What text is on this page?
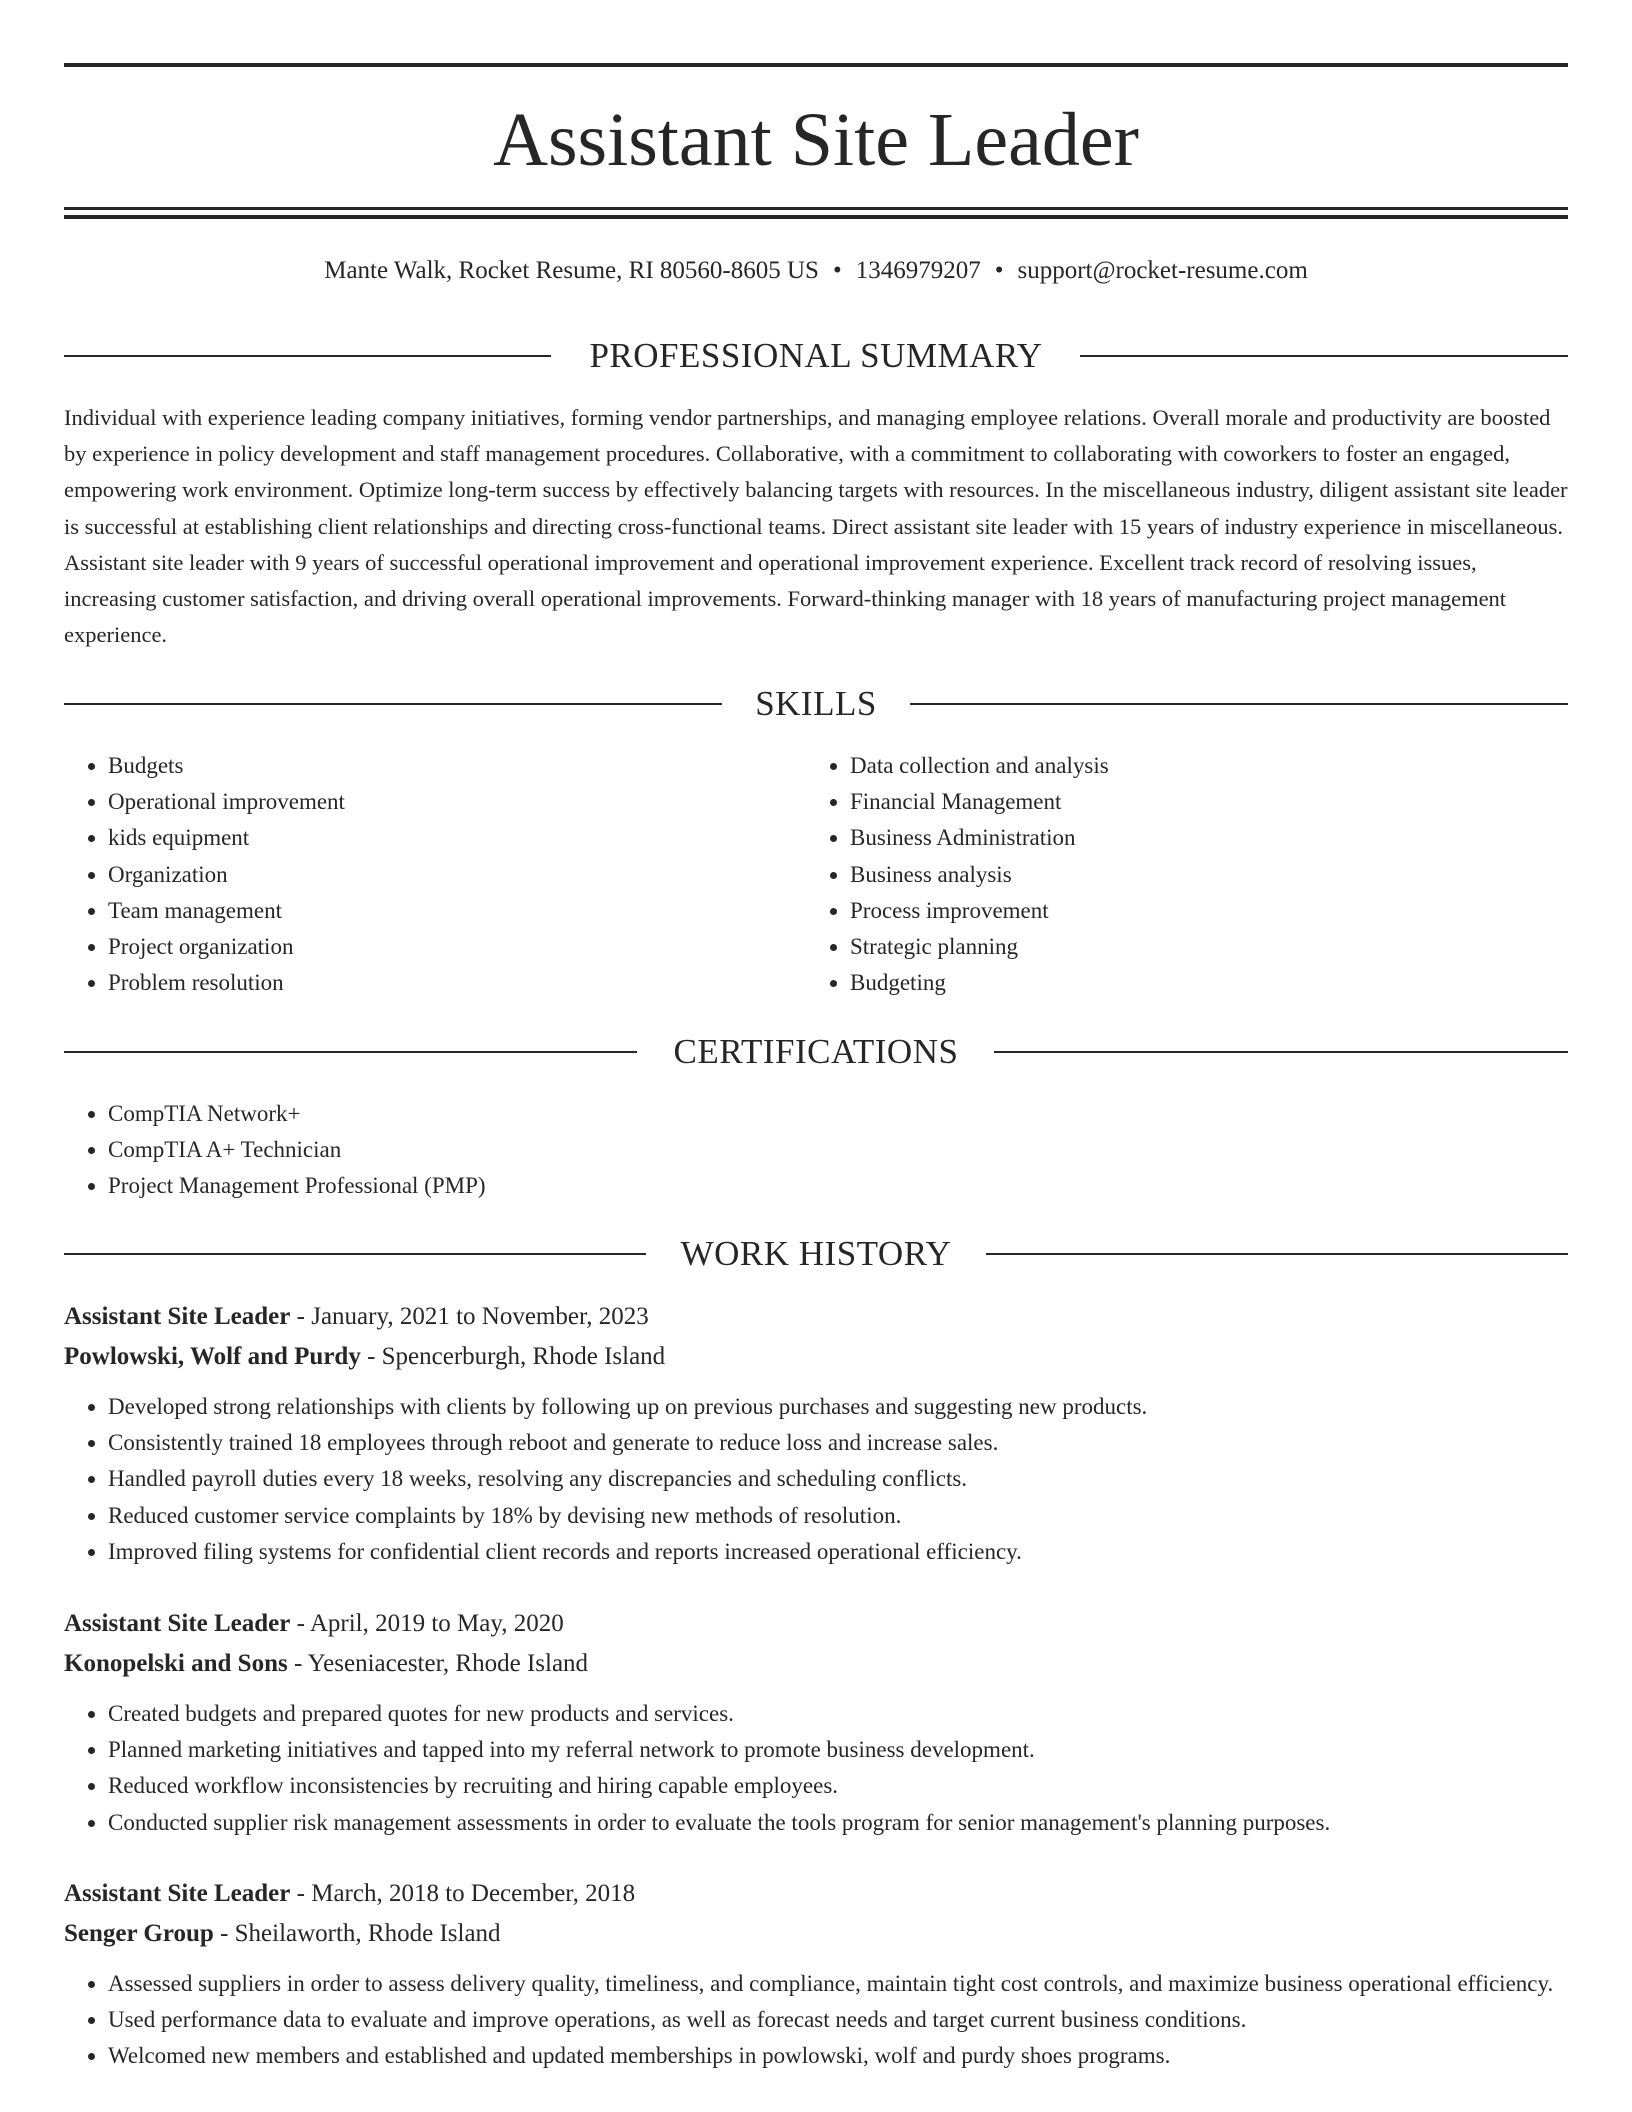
Assistant Site Leader
Mante Walk, Rocket Resume, RI 80560-8605 US • 1346979207 • support@rocket-resume.com
PROFESSIONAL SUMMARY

Individual with experience leading company initiatives, forming vendor partnerships, and managing employee relations. Overall morale and productivity are boosted by experience in policy development and staff management procedures. Collaborative, with a commitment to collaborating with coworkers to foster an engaged, empowering work environment. Optimize long-term success by effectively balancing targets with resources. In the miscellaneous industry, diligent assistant site leader is successful at establishing client relationships and directing cross-functional teams. Direct assistant site leader with 15 years of industry experience in miscellaneous. Assistant site leader with 9 years of successful operational improvement and operational improvement experience. Excellent track record of resolving issues, increasing customer satisfaction, and driving overall operational improvements. Forward-thinking manager with 18 years of manufacturing project management experience.

SKILLS
• Budgets
• Operational improvement
• kids equipment
• Organization
• Team management
• Project organization
• Problem resolution
• Data collection and analysis
• Financial Management
• Business Administration
• Business analysis
• Process improvement
• Strategic planning
• Budgeting
CERTIFICATIONS
• CompTIA Network+
• CompTIA A+ Technician
• Project Management Professional (PMP)
WORK HISTORY
Assistant Site Leader - January, 2021 to November, 2023
Powlowski, Wolf and Purdy - Spencerburgh, Rhode Island
• Developed strong relationships with clients by following up on previous purchases and suggesting new products.
• Consistently trained 18 employees through reboot and generate to reduce loss and increase sales.
• Handled payroll duties every 18 weeks, resolving any discrepancies and scheduling conflicts.
• Reduced customer service complaints by 18% by devising new methods of resolution.
• Improved filing systems for confidential client records and reports increased operational efficiency.
Assistant Site Leader - April, 2019 to May, 2020
Konopelski and Sons - Yeseniacester, Rhode Island
• Created budgets and prepared quotes for new products and services.
• Planned marketing initiatives and tapped into my referral network to promote business development.
• Reduced workflow inconsistencies by recruiting and hiring capable employees.
• Conducted supplier risk management assessments in order to evaluate the tools program for senior management's planning purposes.
Assistant Site Leader - March, 2018 to December, 2018
Senger Group - Sheilaworth, Rhode Island
• Assessed suppliers in order to assess delivery quality, timeliness, and compliance, maintain tight cost controls, and maximize business operational efficiency.
• Used performance data to evaluate and improve operations, as well as forecast needs and target current business conditions.
• Welcomed new members and established and updated memberships in powlowski, wolf and purdy shoes programs.
